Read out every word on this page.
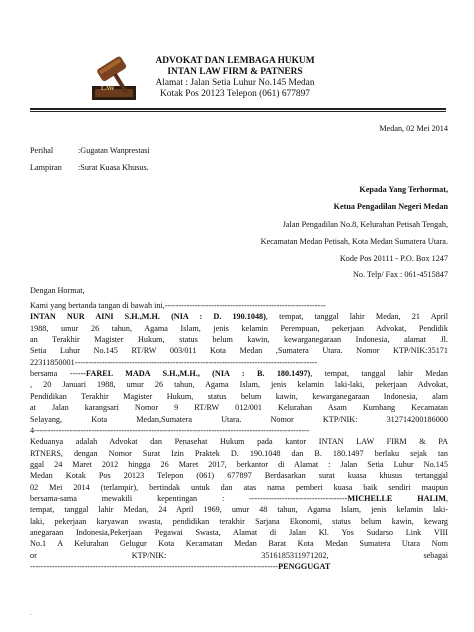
LAW
ADVOKAT DAN LEMBAGA HUKUM
INTAN LAW FIRM & PATNERS
Alamat : Jalan Setia Luhur No.145 Medan
Kotak Pos 20123 Telepon (061) 677897
Medan, 02 Mei 2014
Perihal	:Gugatan Wanprestasi
Lampiran :Surat Kuasa Khusus.
Kepada Yang Terhormat,
Ketua Pengadilan Negeri Medan
Jalan Pengadilan No.8, Kelurahan Petisah Tengah,
Kecamatan Medan Petisah, Kota Medan Sumatera Utara.
Kode Pos 20111 - P.O. Box 1247
No. Telp/ Fax : 061-4515847
Dengan Hormat,

Kami yang bertanda tangan di bawah ini,-----------------------------------------------------------

INTAN NUR AINI S.H.,M.H. (NIA : D. 190.1048), tempat, tanggal lahir Medan, 21 April

1988, umur 26 tahun, Agama Islam, jenis kelamin Perempuan, pekerjaan Advokat, Pendidik

an Terakhir Magister Hukum, status belum kawin, kewarganegaraan Indonesia, alamat Jl.

Setia Luhur No.145 RT/RW 003/011 Kota Medan ,Sumatera Utara. Nomor KTP/NIK:35171

22311850001-----------------------------------------------------------------------------------------

bersama ------FAREL MADA S.H.,M.H., (NIA : B. 180.1497), tempat, tanggal lahir Medan

, 20 Januari 1988, umur 26 tahun, Agama Islam, jenis kelamin laki-laki, pekerjaan Advokat,

Pendidikan Terakhir Magister Hukum, status belum kawin, kewarganegaraan Indonesia, alam

at Jalan karangsari Nomor 9 RT/RW 012/001 Kelurahan Asam Kumbang Kecamatan

Selayang, Kota Medan,Sumatera Utara. Nomor KTP/NIK: 312714200186000

4-----------------------------------------------------------------------------------------------------

Keduanya adalah Advokat dan Penasehat Hukum pada kantor INTAN LAW FIRM & PA

RTNERS, dengan Nomor Surat Izin Praktek D. 190.1048 dan B. 180.1497 berlaku sejak tan

ggal 24 Maret 2012 hingga 26 Maret 2017, berkantor di Alamat : Jalan Setia Luhur No.145

Medan Kotak Pos 20123 Telepon (061) 677897 Berdasarkan surat kuasa khusus tertanggal

02 Mei 2014 (terlampir), bertindak untuk dan atas nama pemberi kuasa baik sendiri maupun

bersama-sama mewakili kepentingan : ------------------------------------MICHELLE HALIM,

tempat, tanggal lahir Medan, 24 April 1969, umur 48 tahun, Agama Islam, jenis kelamin laki-

laki, pekerjaan karyawan swasta, pendidikan terakhir Sarjana Ekonomi, status belum kawin, kewarg

anegaraan Indonesia,Pekerjaan Pegawai Swasta, Alamat di Jalan Kl. Yos Sudarso Link VIII

No.1 A Kelurahan Gelugur Kota Kecamatan Medan Barat Kota Medan Sumatera Utara Nom

or KTP/NIK: 3516185311971202, sebagai

-------------------------------------------------------------------------------------------PENGGUGAT

.
